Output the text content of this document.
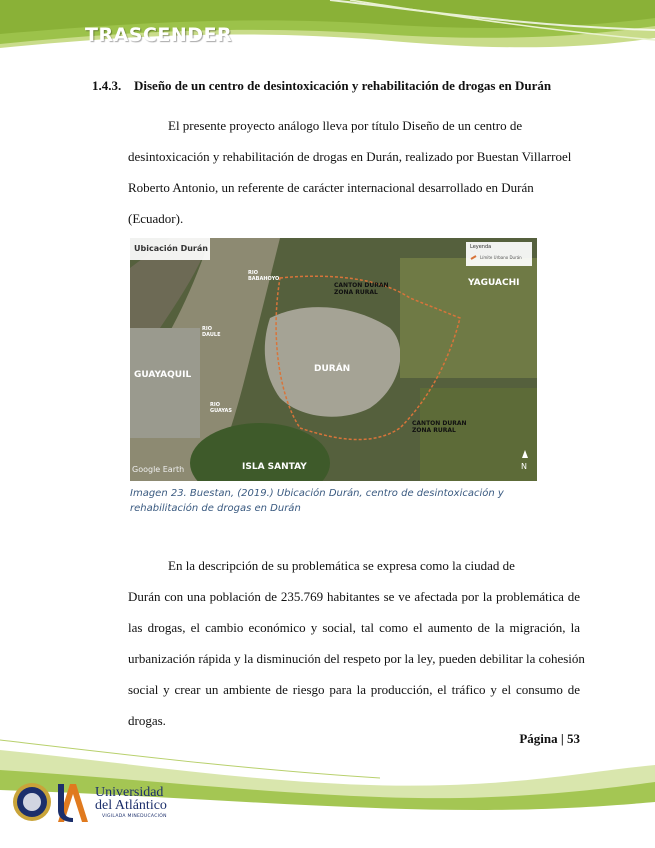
TRASCENDER
1.4.3. Diseño de un centro de desintoxicación y rehabilitación de drogas en Durán
El presente proyecto análogo lleva por título Diseño de un centro de
desintoxicación y rehabilitación de drogas en Durán, realizado por Buestan Villarroel
Roberto Antonio, un referente de carácter internacional desarrollado en Durán
(Ecuador).
Ubicación Durán	Leyenda
Límite Urbano Durán
RIO BABAHOYO
RIO DAULE
RIO GUAYAS
GUAYAQUIL
DURÁN
YAGUACHI
CANTON DURAN ZONA RURAL
CANTON DURAN ZONA RURAL
ISLA SANTAY
Google Earth	N
Imagen 23. Buestan, (2019.) Ubicación Durán, centro de desintoxicación y
rehabilitación de drogas en Durán
En la descripción de su problemática se expresa como la ciudad de
Durán con una población de 235.769 habitantes se ve afectada por la problemática de
las drogas, el cambio económico y social, tal como el aumento de la migración, la
urbanización rápida y la disminución del respeto por la ley, pueden debilitar la cohesión
social y crear un ambiente de riesgo para la producción, el tráfico y el consumo de
drogas.
Página | 53
Universidad
del Atlántico
VIGILADA MINEDUCACIÓN
